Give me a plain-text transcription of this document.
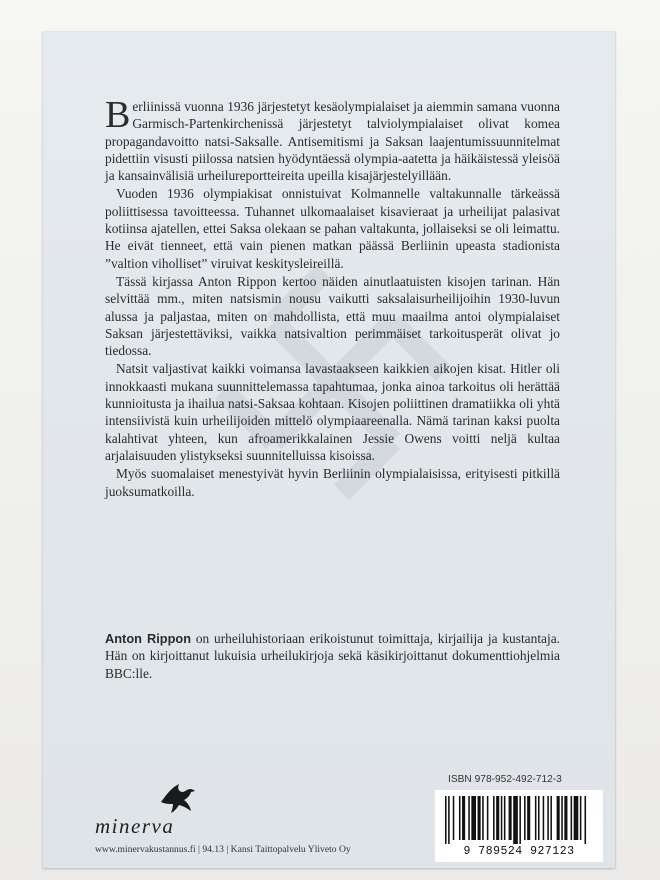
Berliinissä vuonna 1936 järjestetyt kesäolympialaiset ja aiemmin samana vuonna Garmisch-Partenkirchenissä järjestetyt talviolympialaiset olivat komea propagandavoitto natsi-Saksalle. Antisemitismi ja Saksan laajentumissuunnitelmat pidettiin visusti piilossa natsien hyödyntäessä olympia-aatetta ja häikäistessä yleisöä ja kansainvälisiä urheilureportteireita upeilla kisajärjestelyillään.

Vuoden 1936 olympiakisat onnistuivat Kolmannelle valtakunnalle tärkeässä poliittisessa tavoitteessa. Tuhannet ulkomaalaiset kisavieraat ja urheilijat palasivat kotiinsa ajatellen, ettei Saksa olekaan se pahan valtakunta, jollaiseksi se oli leimattu. He eivät tienneet, että vain pienen matkan päässä Berliinin upeasta stadionista ”valtion viholliset” viruivat keskitysleireillä.

Tässä kirjassa Anton Rippon kertoo näiden ainutlaatuisten kisojen tarinan. Hän selvittää mm., miten natsismin nousu vaikutti saksalaisurheilijoihin 1930-luvun alussa ja paljastaa, miten on mahdollista, että muu maailma antoi olympialaiset Saksan järjestettäviksi, vaikka natsivaltion perimmäiset tarkoitusperät olivat jo tiedossa.

Natsit valjastivat kaikki voimansa lavastaakseen kaikkien aikojen kisat. Hitler oli innokkaasti mukana suunnittelemassa tapahtumaa, jonka ainoa tarkoitus oli herättää kunnioitusta ja ihailua natsi-Saksaa kohtaan. Kisojen poliittinen dramatiikka oli yhtä intensiivistä kuin urheilijoiden mittelö olympiaareenalla. Nämä tarinan kaksi puolta kalahtivat yhteen, kun afroamerikkalainen Jessie Owens voitti neljä kultaa arjalaisuuden ylistykseksi suunnitelluissa kisoissa.

Myös suomalaiset menestyivät hyvin Berliinin olympialaisissa, erityisesti pitkillä juoksumatkoilla.

Anton Rippon on urheiluhistoriaan erikoistunut toimittaja, kirjailija ja kustantaja. Hän on kirjoittanut lukuisia urheilukirjoja sekä käsikirjoittanut dokumenttiohjelmia BBC:lle.
minerva
www.minervakustannus.fi | 94.13 | Kansi Taittopalvelu Yliveto Oy
ISBN 978-952-492-712-3
9 789524 927123
